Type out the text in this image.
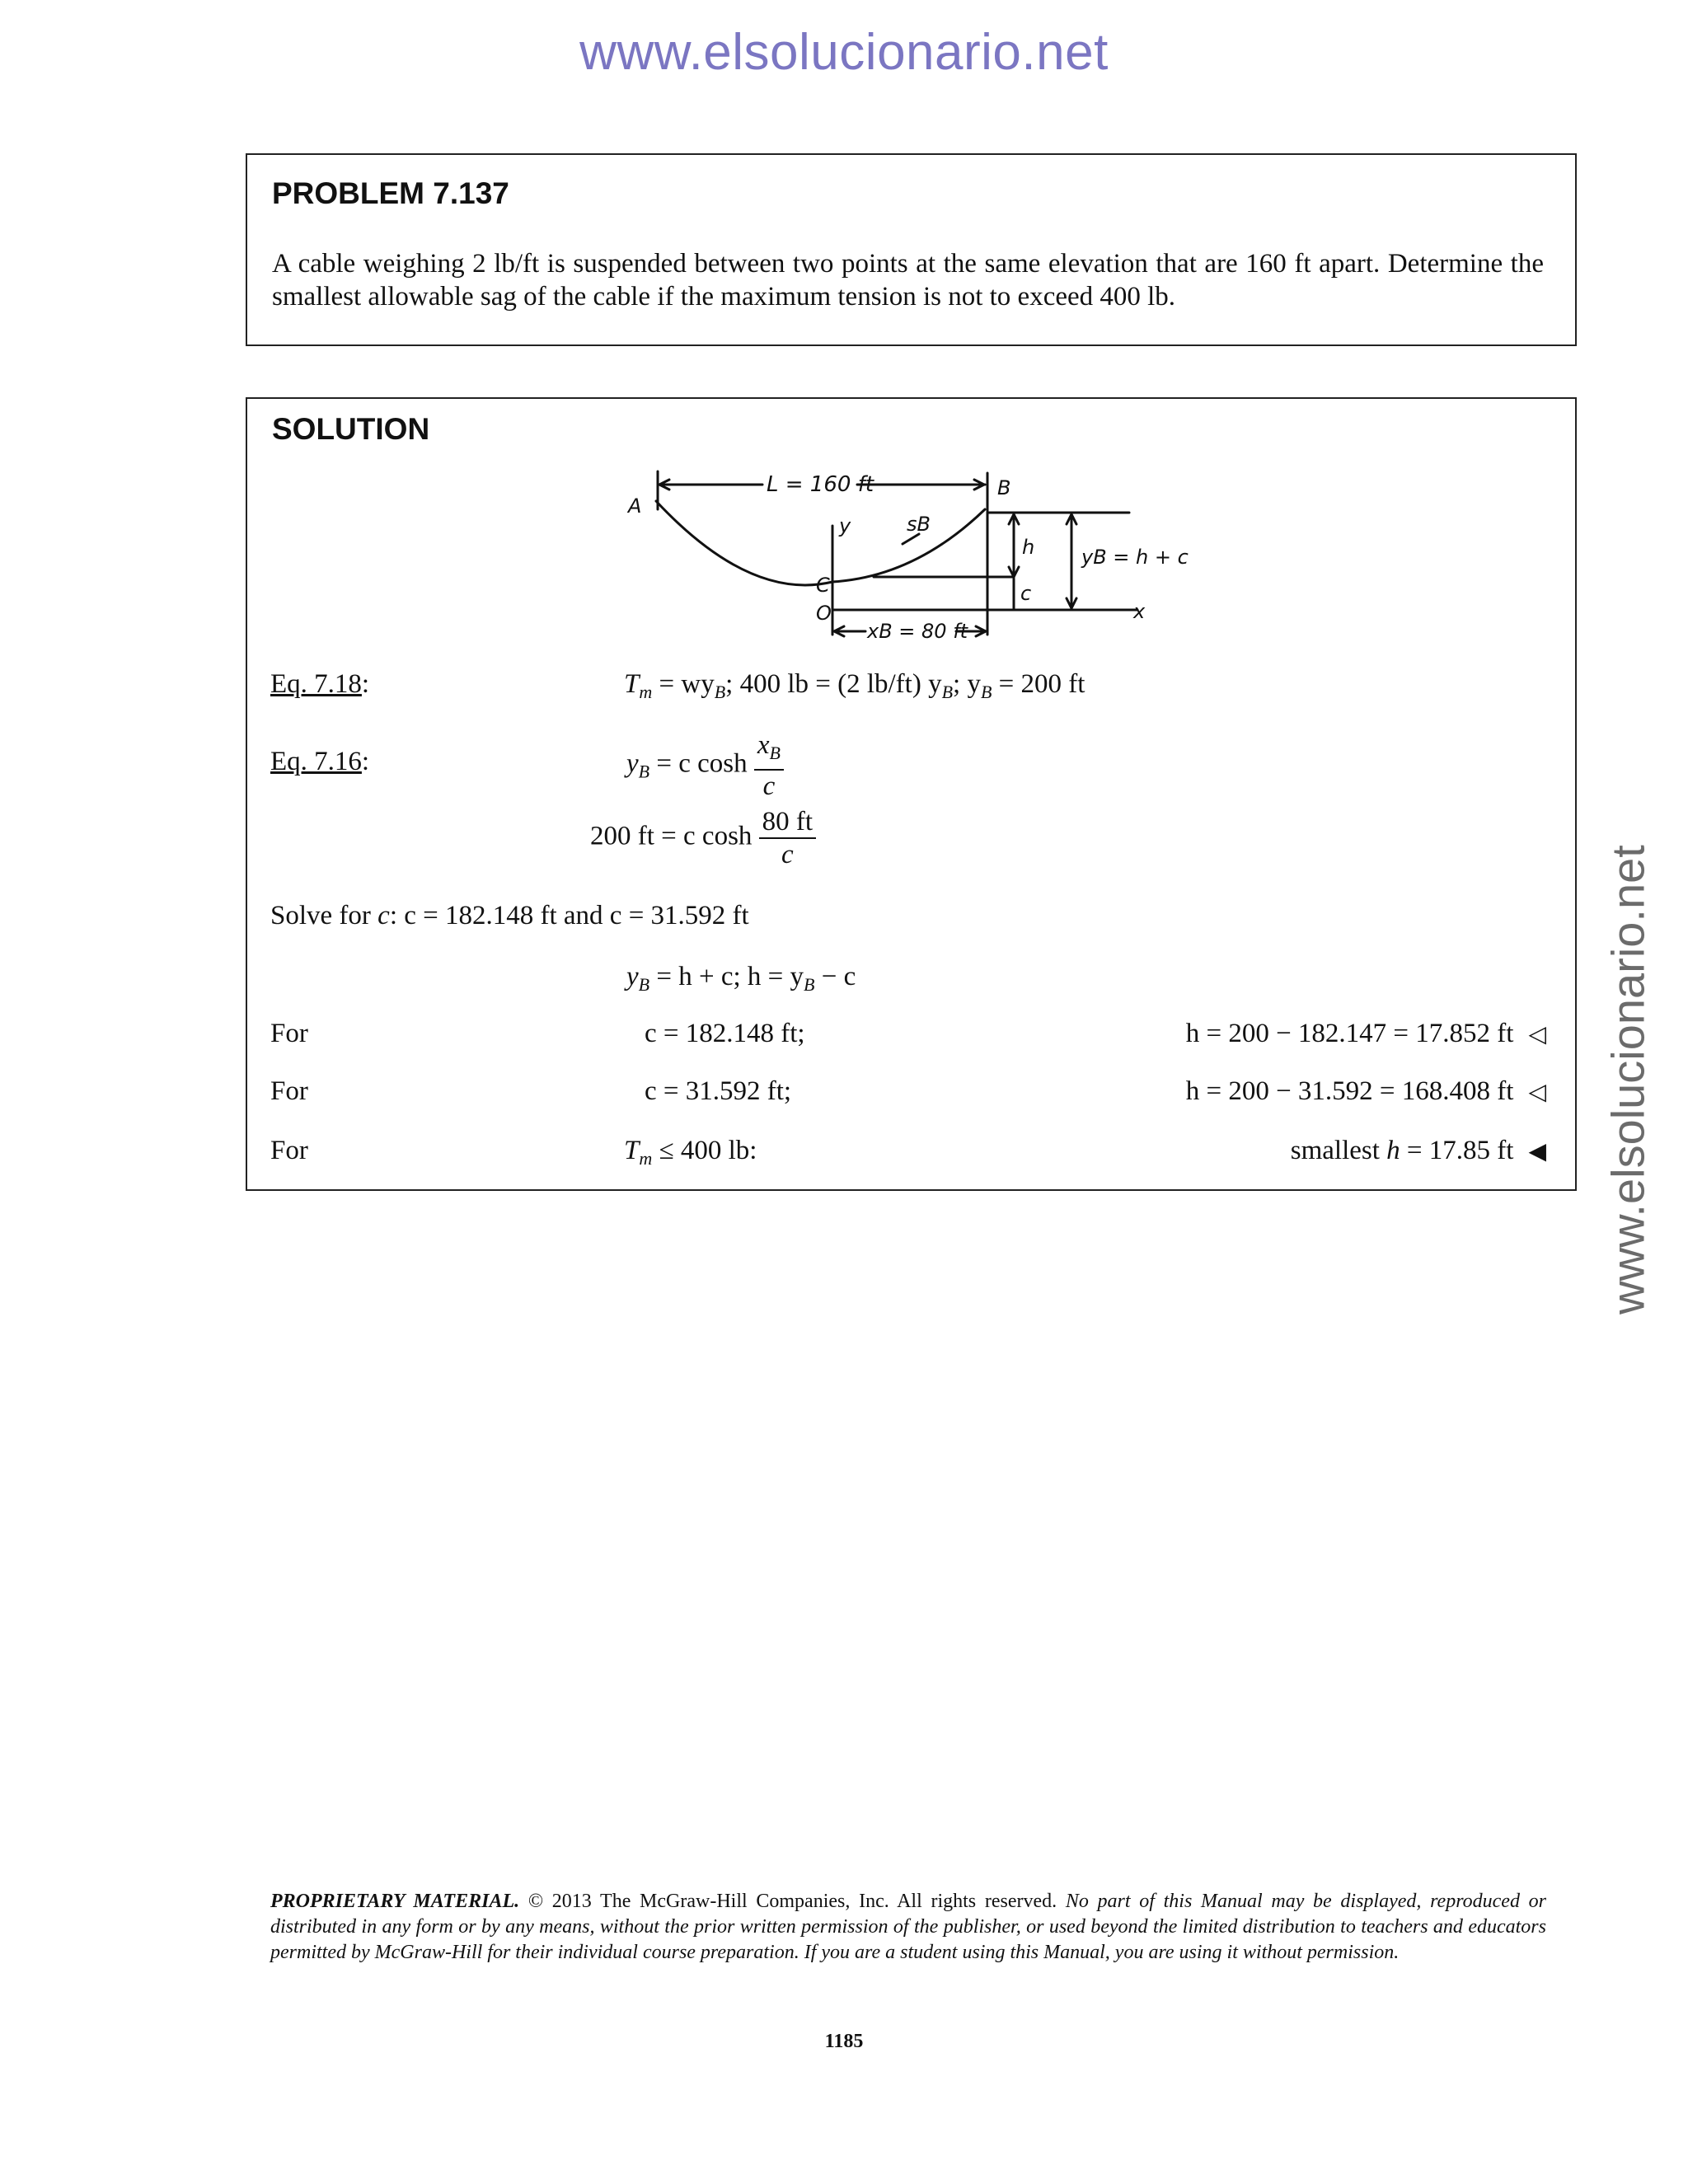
www.elsolucionario.net
www.elsolucionario.net
PROBLEM 7.137
A cable weighing 2 lb/ft is suspended between two points at the same elevation that are 160 ft apart. Determine the smallest allowable sag of the cable if the maximum tension is not to exceed 400 lb.
SOLUTION
L = 160 ft
A
B
y	sB
C
O
h
c
yB = h + c
x
xB = 80 ft
Eq. 7.18:	$T_m = wy_B$; 400 lb = (2 lb/ft) $y_B$; $y_B = 200$ ft
Eq. 7.16:	$y_B = c$ $\cosh \frac{x_B}{c}$
200 ft = c $\cosh \frac{80 ft}{c}$
Solve for c: c = 182.148 ft and c = 31.592 ft
$y_B = h + c$; $h = y_B - c$
For	c = 182.148 ft;	h = 200 − 182.147 = 17.852 ft ◁
For	c = 31.592 ft;	h = 200 − 31.592 = 168.408 ft ◁
For	$T_m \le 400$ lb:	smallest h = 17.85 ft ◀
PROPRIETARY MATERIAL. © 2013 The McGraw-Hill Companies, Inc. All rights reserved. No part of this Manual may be displayed, reproduced or distributed in any form or by any means, without the prior written permission of the publisher, or used beyond the limited distribution to teachers and educators permitted by McGraw-Hill for their individual course preparation. If you are a student using this Manual, you are using it without permission.
1185
